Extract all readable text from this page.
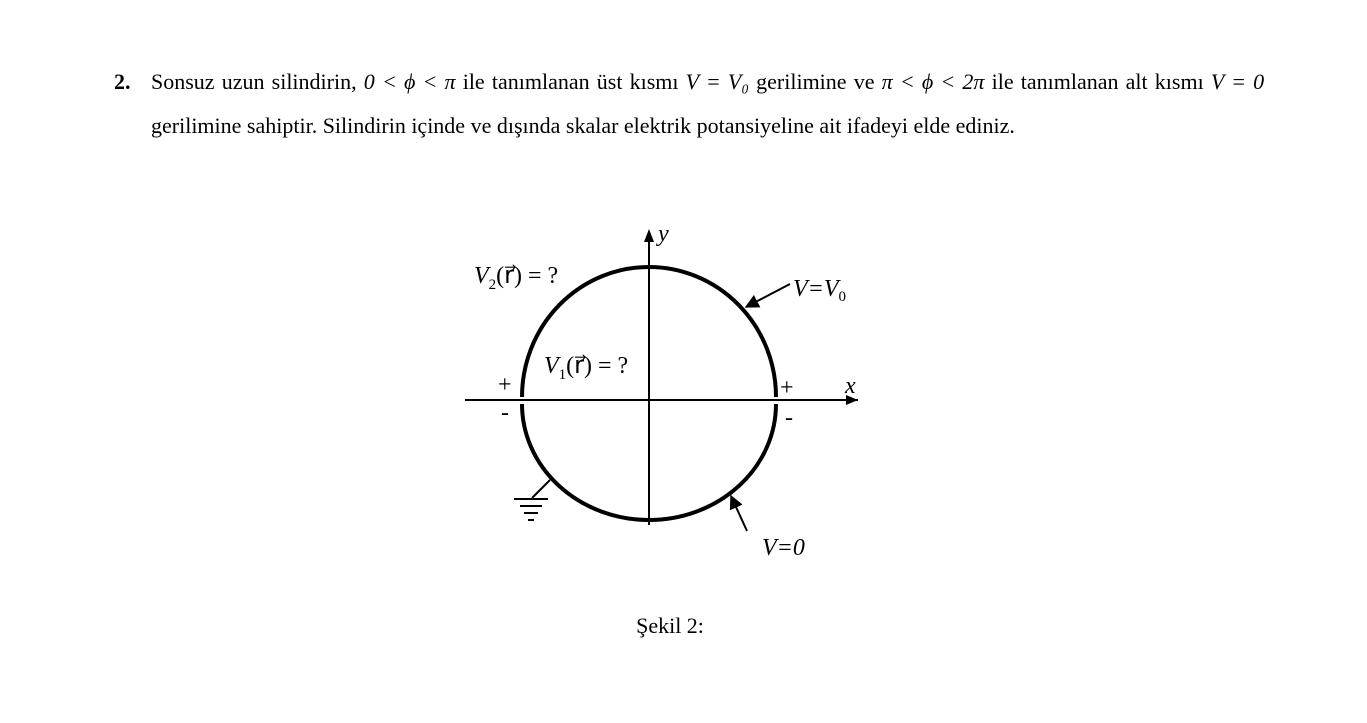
2. Sonsuz uzun silindirin, 0 < ϕ < π ile tanımlanan üst kısmı V = V₀ gerilimine ve π < ϕ < 2π ile tanımlanan alt kısmı V = 0 gerilimine sahiptir. Silindirin içinde ve dışında skalar elektrik potansiyeline ait ifadeyi elde ediniz.
y
x
$V_2(r⃗)$ = ?
$V_1(r⃗)$ = ?
$V=V_0$
V=0
+
-
+
-
Şekil 2:
